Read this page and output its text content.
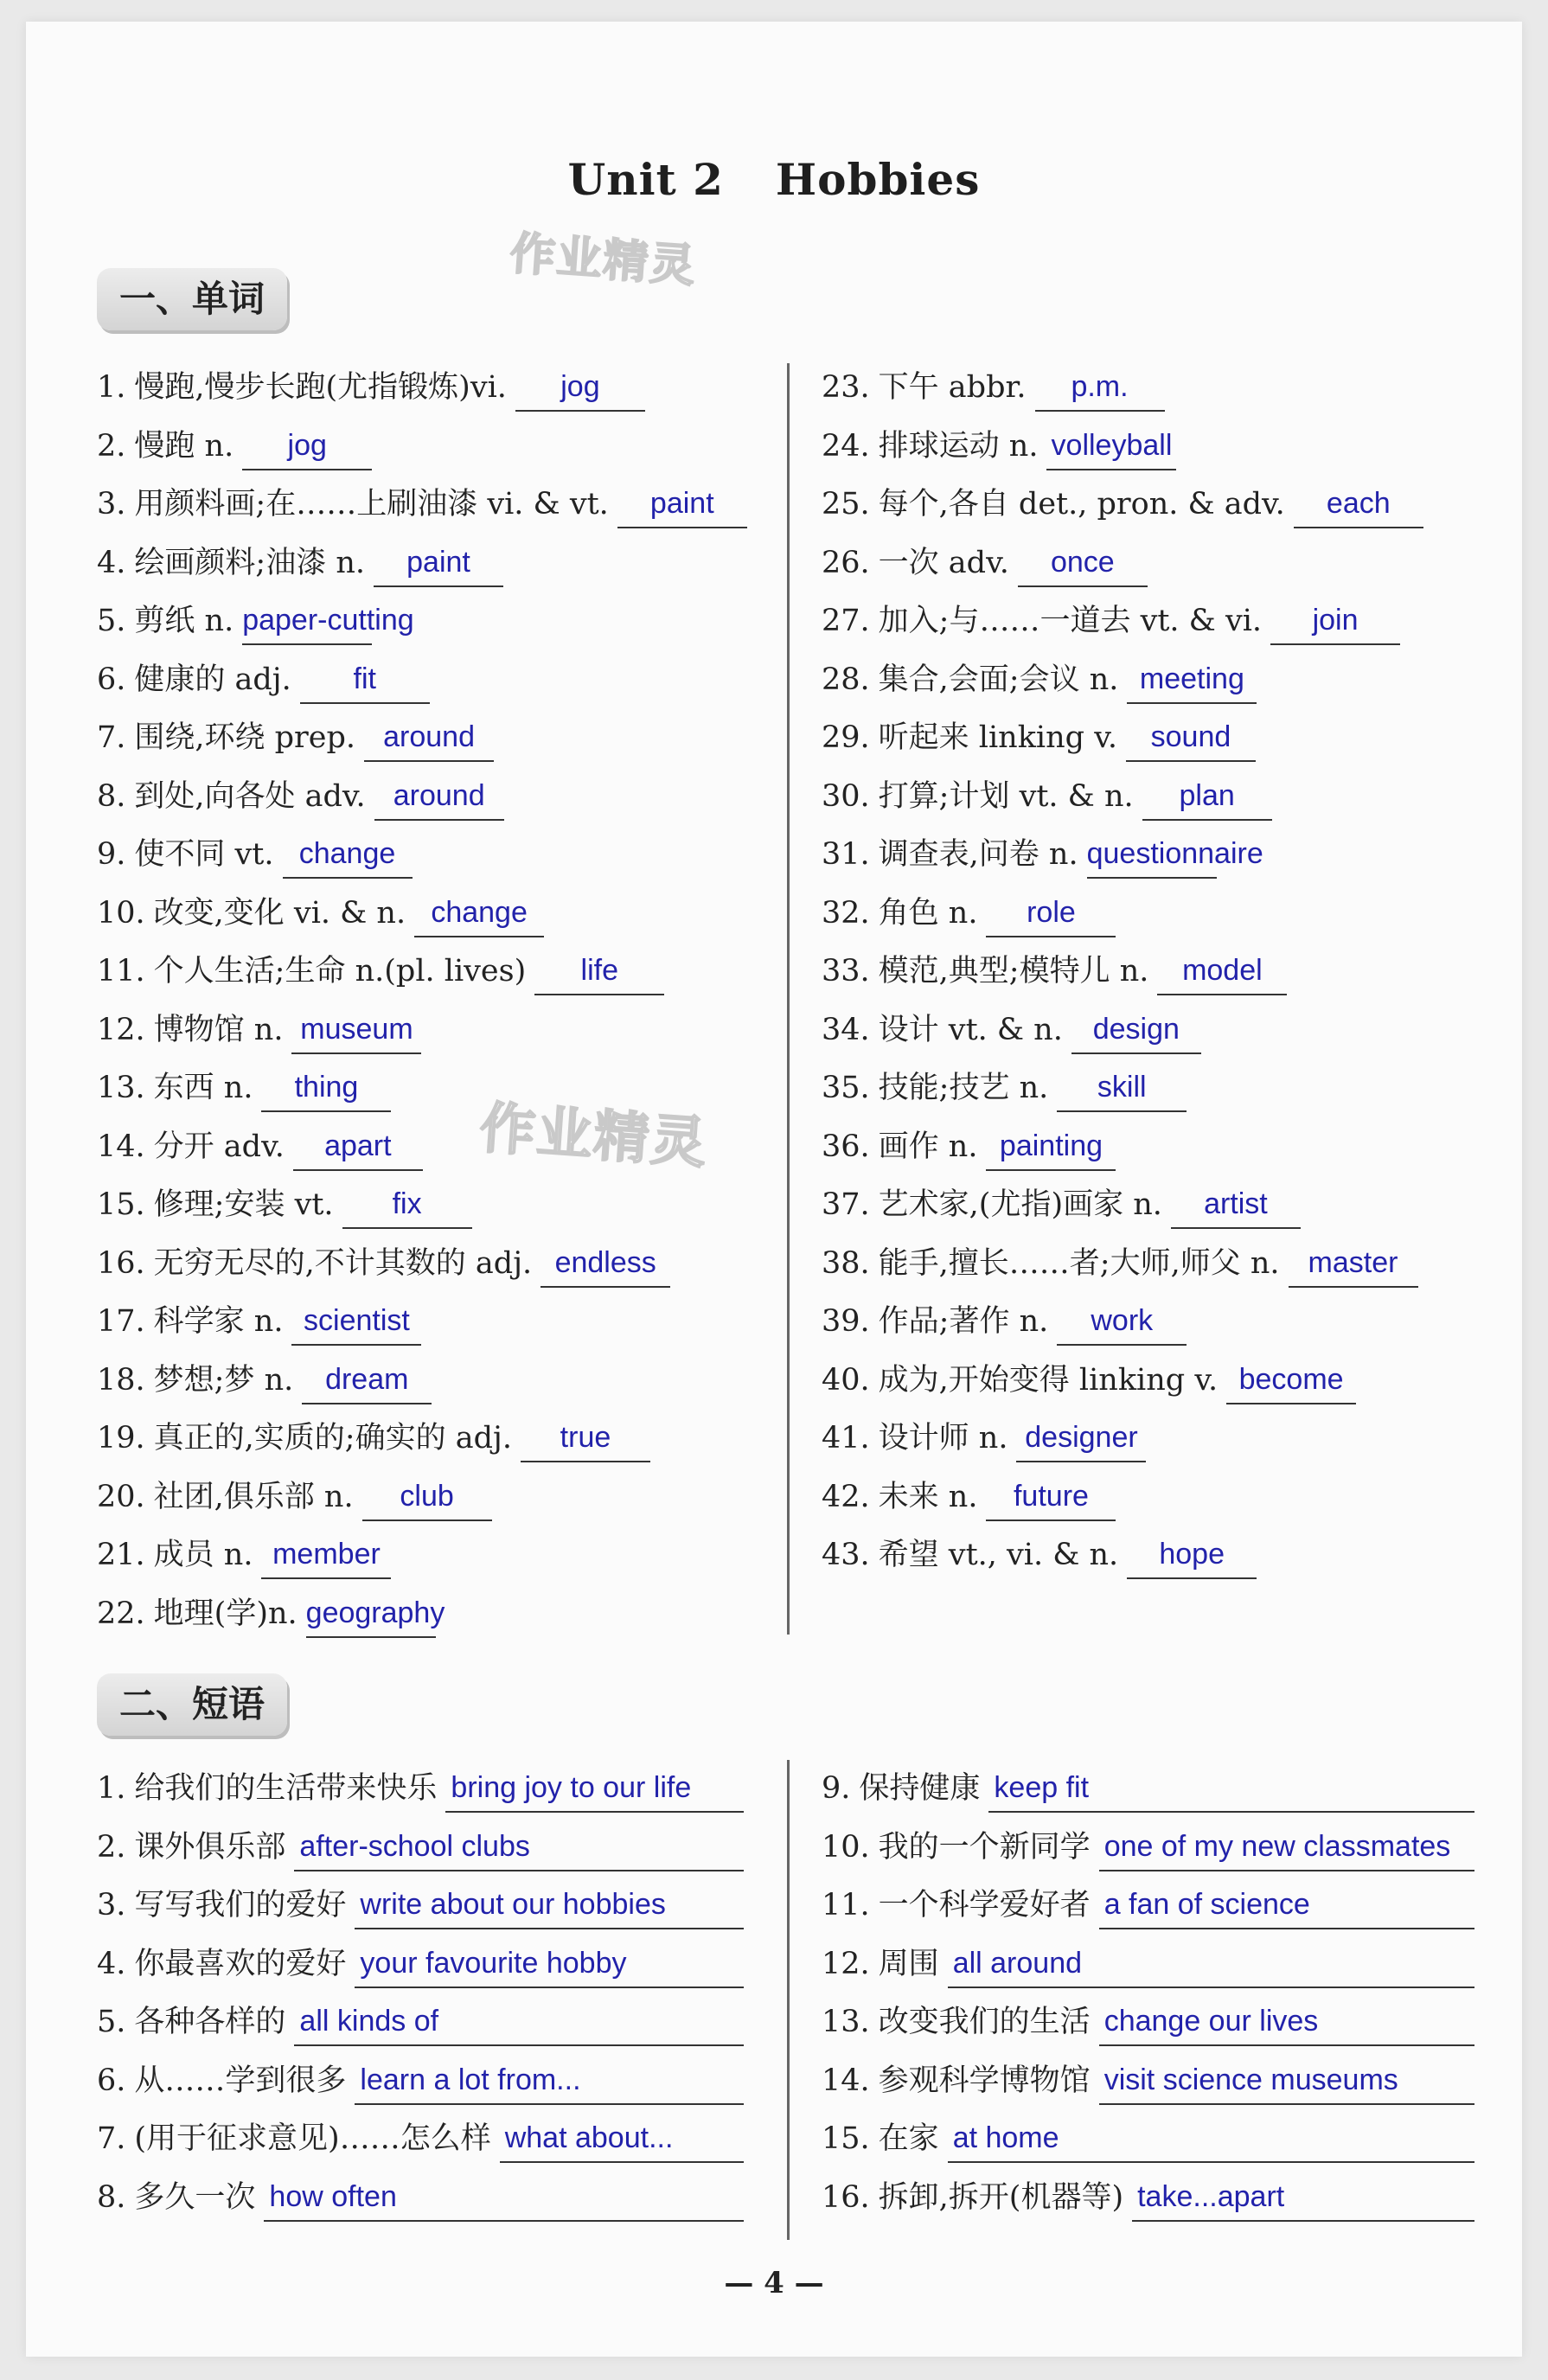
Unit 2 Hobbies
作业精灵
作业精灵
一、单词
1. 慢跑,慢步长跑(尤指锻炼)vi.	jog
2. 慢跑 n.	jog
3. 用颜料画;在……上刷油漆 vi. & vt.	paint
4. 绘画颜料;油漆 n.	paint
5. 剪纸 n. paper-cutting
6. 健康的 adj.	fit
7. 围绕,环绕 prep. around
8. 到处,向各处 adv. around
9. 使不同 vt. change
10. 改变,变化 vi. & n. change
11. 个人生活;生命 n.(pl. lives)	life
12. 博物馆 n. museum
13. 东西 n.	thing
14. 分开 adv.	apart
15. 修理;安装 vt.	fix
16. 无穷无尽的,不计其数的 adj. endless
17. 科学家 n. scientist
18. 梦想;梦 n.	dream
19. 真正的,实质的;确实的 adj.	true
20. 社团,俱乐部 n.	club
21. 成员 n. member
22. 地理(学)n. geography
23. 下午 abbr.	p.m.
24. 排球运动 n. volleyball
25. 每个,各自 det., pron. & adv.	each
26. 一次 adv.	once
27. 加入;与……一道去 vt. & vi.	join
28. 集合,会面;会议 n. meeting
29. 听起来 linking v.	sound
30. 打算;计划 vt. & n.	plan
31. 调查表,问卷 n. questionnaire
32. 角色 n.	role
33. 模范,典型;模特儿 n.	model
34. 设计 vt. & n.	design
35. 技能;技艺 n.	skill
36. 画作 n. painting
37. 艺术家,(尤指)画家 n.	artist
38. 能手,擅长……者;大师,师父 n. master
39. 作品;著作 n.	work
40. 成为,开始变得 linking v. become
41. 设计师 n. designer
42. 未来 n.	future
43. 希望 vt., vi. & n.	hope
二、短语
1. 给我们的生活带来快乐 bring joy to our life
2. 课外俱乐部 after-school clubs
3. 写写我们的爱好 write about our hobbies
4. 你最喜欢的爱好 your favourite hobby
5. 各种各样的 all kinds of
6. 从……学到很多 learn a lot from...
7. (用于征求意见)……怎么样 what about...
8. 多久一次 how often
9. 保持健康 keep fit
10. 我的一个新同学 one of my new classmates
11. 一个科学爱好者 a fan of science
12. 周围 all around
13. 改变我们的生活 change our lives
14. 参观科学博物馆 visit science museums
15. 在家 at home
16. 拆卸,拆开(机器等) take...apart
— 4 —
